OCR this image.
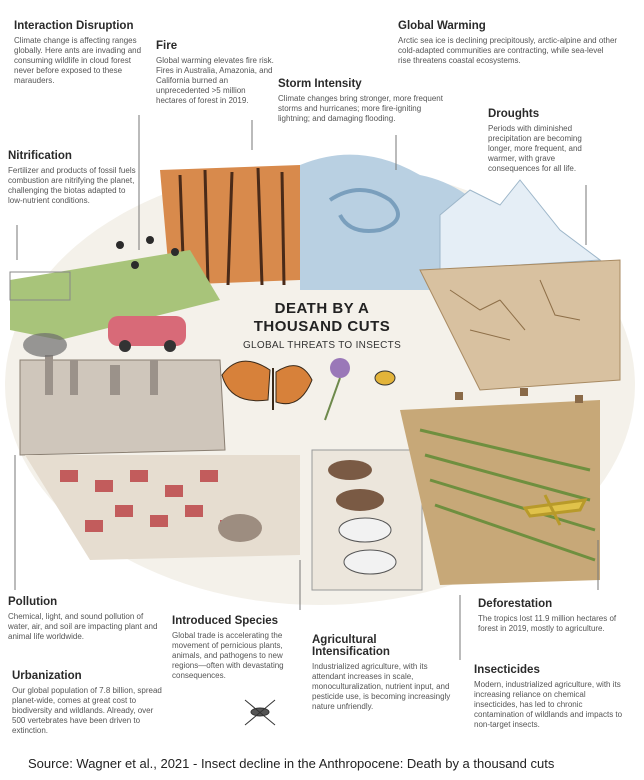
Interaction Disruption
Climate change is affecting ranges globally. Here ants are invading and consuming wildlife in cloud forest never before exposed to these marauders.
Fire
Global warming elevates fire risk. Fires in Australia, Amazonia, and California burned an unprecedented >5 million hectares of forest in 2019.
Global Warming
Arctic sea ice is declining precipitously, arctic-alpine and other cold-adapted communities are contracting, while sea-level rise threatens coastal ecosystems.
Storm Intensity
Climate changes bring stronger, more frequent storms and hurricanes; more fire-igniting lightning; and damaging flooding.	Droughts
Periods with diminished precipitation are becoming longer, more frequent, and warmer, with grave consequences for all life.
Nitrification
Fertilizer and products of fossil fuels combustion are nitrifying the planet, challenging the biotas adapted to low-nutrient conditions.
DEATH BY A
THOUSAND CUTS
GLOBAL THREATS TO INSECTS
Pollution
Chemical, light, and sound pollution of water, air, and soil are impacting plant and animal life worldwide.
Urbanization
Our global population of 7.8 billion, spread planet-wide, comes at great cost to biodiversity and wildlands. Already, over 500 vertebrates have been driven to extinction.
Introduced Species
Global trade is accelerating the movement of pernicious plants, animals, and pathogens to new regions—often with devastating consequences.
Agricultural
Intensification
Industrialized agriculture, with its attendant increases in scale, monoculturalization, nutrient input, and pesticide use, is becoming increasingly nature unfriendly.
Deforestation
The tropics lost 11.9 million hectares of forest in 2019, mostly to agriculture.
Insecticides
Modern, industrialized agriculture, with its increasing reliance on chemical insecticides, has led to chronic contamination of wildlands and impacts to non-target insects.
Source: Wagner et al., 2021 - Insect decline in the Anthropocene: Death by a thousand cuts
